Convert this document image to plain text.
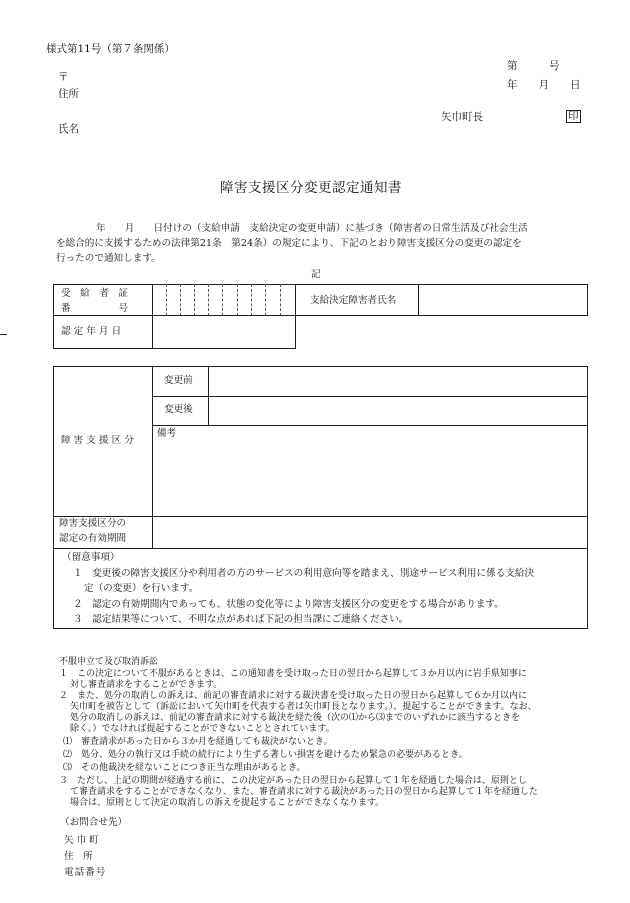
様式第11号（第７条関係）
〒
住所
氏名
第　　　号
年　　月　　日
矢巾町長	印
障害支援区分変更認定通知書
年　　月　　日付けの（支給申請　支給決定の変更申請）に基づき（障害者の日常生活及び社会生活
を総合的に支援するための法律第21条　第24条）の規定により、下記のとおり障害支援区分の変更の認定を
行ったので通知します。
記
受　給　者　証
番　　　　　号
支給決定障害者氏名
認 定 年 月 日
変更前
変更後
備考
障 害 支 援 区 分
障害支援区分の
認定の有効期間
（留意事項）
１　変更後の障害支援区分や利用者の方のサービスの利用意向等を踏まえ、別途サービス利用に係る支給決
定（の変更）を行います。
２　認定の有効期間内であっても、状態の変化等により障害支援区分の変更をする場合があります。
３　認定結果等について、不明な点があれば下記の担当課にご連絡ください。
不服申立て及び取消訴訟
１　この決定について不服があるときは、この通知書を受け取った日の翌日から起算して３か月以内に岩手県知事に
対し審査請求をすることができます。
２　また、処分の取消しの訴えは、前記の審査請求に対する裁決書を受け取った日の翌日から起算して６か月以内に
矢巾町を被告として（訴訟において矢巾町を代表する者は矢巾町長となります。）、提起することができます。なお、
処分の取消しの訴えは、前記の審査請求に対する裁決を経た後（次の⑴から⑶までのいずれかに該当するときを
除く。）でなければ提起することができないこととされています。
⑴　審査請求があった日から３か月を経過しても裁決がないとき。
⑵　処分、処分の執行又は手続の続行により生ずる著しい損害を避けるため緊急の必要があるとき。
⑶　その他裁決を経ないことにつき正当な理由があるとき。
３　ただし、上記の期間が経過する前に、この決定があった日の翌日から起算して１年を経過した場合は、原則とし
て審査請求をすることができなくなり、また、審査請求に対する裁決があった日の翌日から起算して１年を経過した
場合は、原則として決定の取消しの訴えを提起することができなくなります。
（お問合せ先）
矢巾町
住　所
電話番号
